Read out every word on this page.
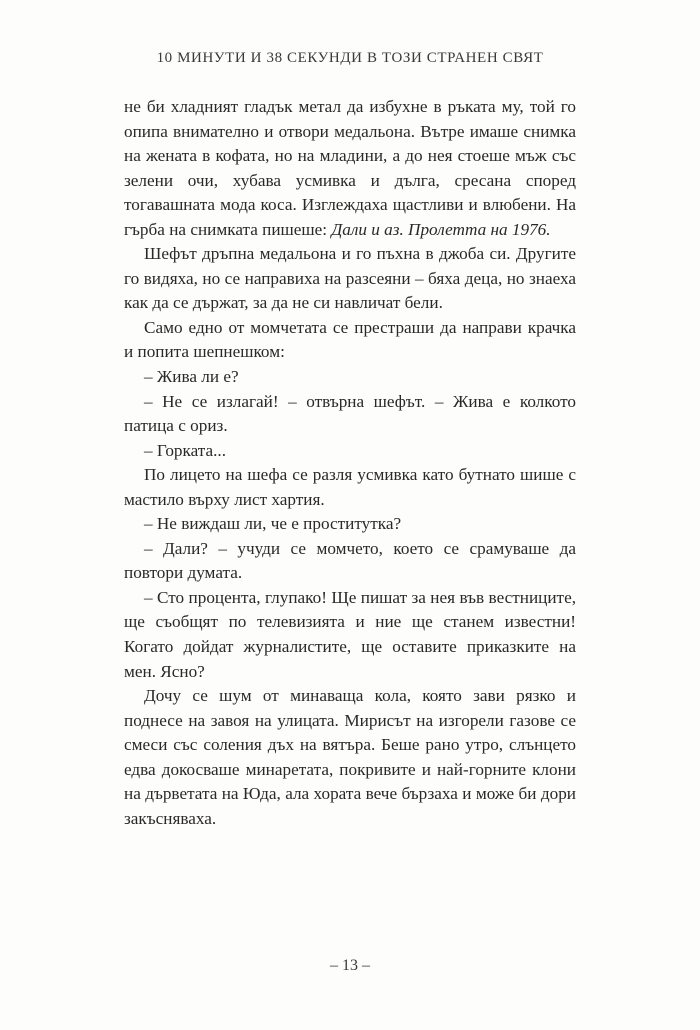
10 МИНУТИ И 38 СЕКУНДИ В ТОЗИ СТРАНЕН СВЯТ

не би хладният гладък метал да избухне в ръката му, той го опипа внимателно и отвори медальона. Вътре имаше снимка на жената в кофата, но на младини, а до нея стоеше мъж със зелени очи, хубава усмивка и дълга, сресана според тогавашната мода коса. Изглеждаха щастливи и влюбени. На гърба на снимката пишеше: Дали и аз. Пролетта на 1976.

Шефът дръпна медальона и го пъхна в джоба си. Другите го видяха, но се направиха на разсеяни – бяха деца, но знаеха как да се държат, за да не си навличат бели.

Само едно от момчетата се престраши да направи крачка и попита шепнешком:

– Жива ли е?

– Не се излагай! – отвърна шефът. – Жива е колкото патица с ориз.

– Горката...

По лицето на шефа се разля усмивка като бутнато шише с мастило върху лист хартия.

– Не виждаш ли, че е проститутка?

– Дали? – учуди се момчето, което се срамуваше да повтори думата.

– Сто процента, глупако! Ще пишат за нея във вестниците, ще съобщят по телевизията и ние ще станем известни! Когато дойдат журналистите, ще оставите приказките на мен. Ясно?

Дочу се шум от минаваща кола, която зави рязко и поднесе на завоя на улицата. Мирисът на изгорели газове се смеси със соления дъх на вятъра. Беше рано утро, слънцето едва докосваше минаретата, покривите и най-горните клони на дърветата на Юда, ала хората вече бързаха и може би дори закъсняваха.

– 13 –
